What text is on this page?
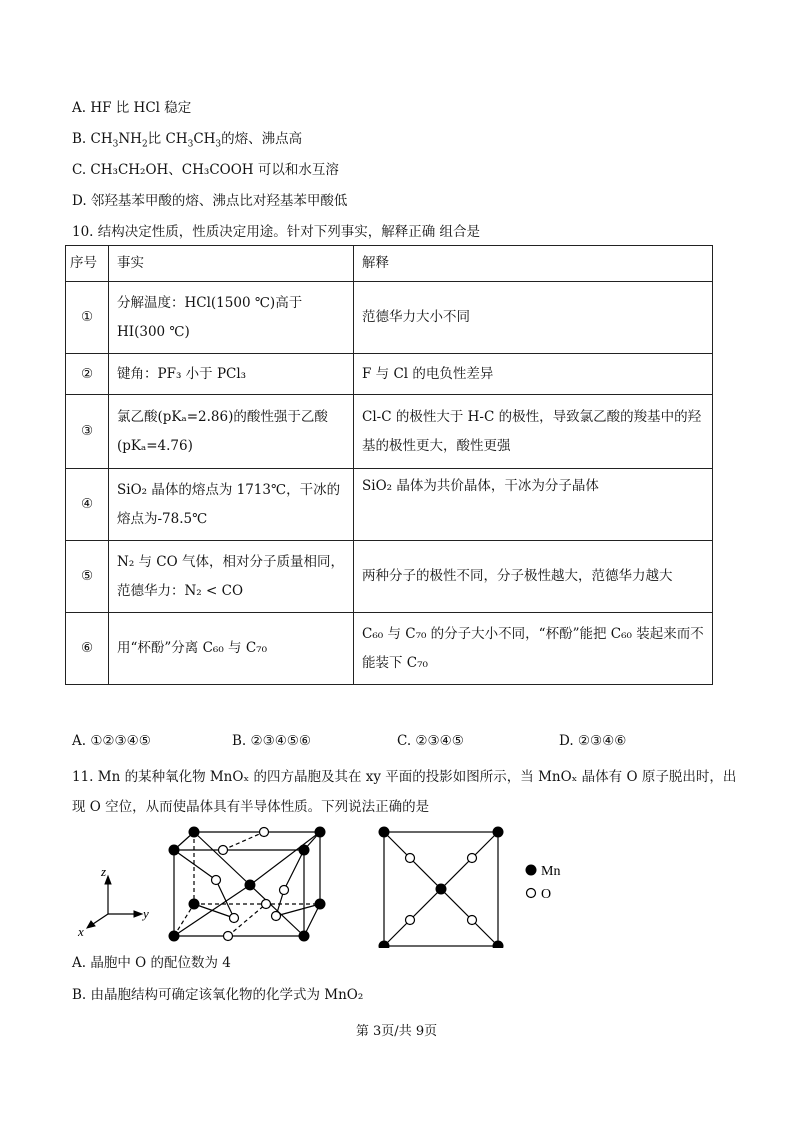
A. HF 比 HCl 稳定
B. $CH_3NH_2$比 $CH_3CH_3$的熔、沸点高
C. CH₃CH₂OH、CH₃COOH 可以和水互溶
D. 邻羟基苯甲酸的熔、沸点比对羟基苯甲酸低
10. 结构决定性质，性质决定用途。针对下列事实，解释正确 组合是
序号	事实	解释
①	分解温度：HCl(1500 ℃)高于 HI(300 ℃)	范德华力大小不同
②	键角：PF₃ 小于 PCl₃	F 与 Cl 的电负性差异
③	氯乙酸(pKₐ=2.86)的酸性强于乙酸(pKₐ=4.76)	Cl-C 的极性大于 H-C 的极性，导致氯乙酸的羧基中的羟基的极性更大，酸性更强
④	SiO₂ 晶体的熔点为 1713℃，干冰的熔点为-78.5℃	SiO₂ 晶体为共价晶体，干冰为分子晶体
⑤	N₂ 与 CO 气体，相对分子质量相同，范德华力：N₂ < CO	两种分子的极性不同，分子极性越大，范德华力越大
⑥	用“杯酚”分离 C₆₀ 与 C₇₀	C₆₀ 与 C₇₀ 的分子大小不同，“杯酚”能把 C₆₀ 装起来而不能装下 C₇₀
A. ①②③④⑤	B. ②③④⑤⑥	C. ②③④⑤	D. ②③④⑥
11. Mn 的某种氧化物 MnOₓ 的四方晶胞及其在 xy 平面的投影如图所示，当 MnOₓ 晶体有 O 原子脱出时，出
现 O 空位，从而使晶体具有半导体性质。下列说法正确的是
z
y
x
Mn
O
A. 晶胞中 O 的配位数为 4
B. 由晶胞结构可确定该氧化物的化学式为 MnO₂
第 3页/共 9页
